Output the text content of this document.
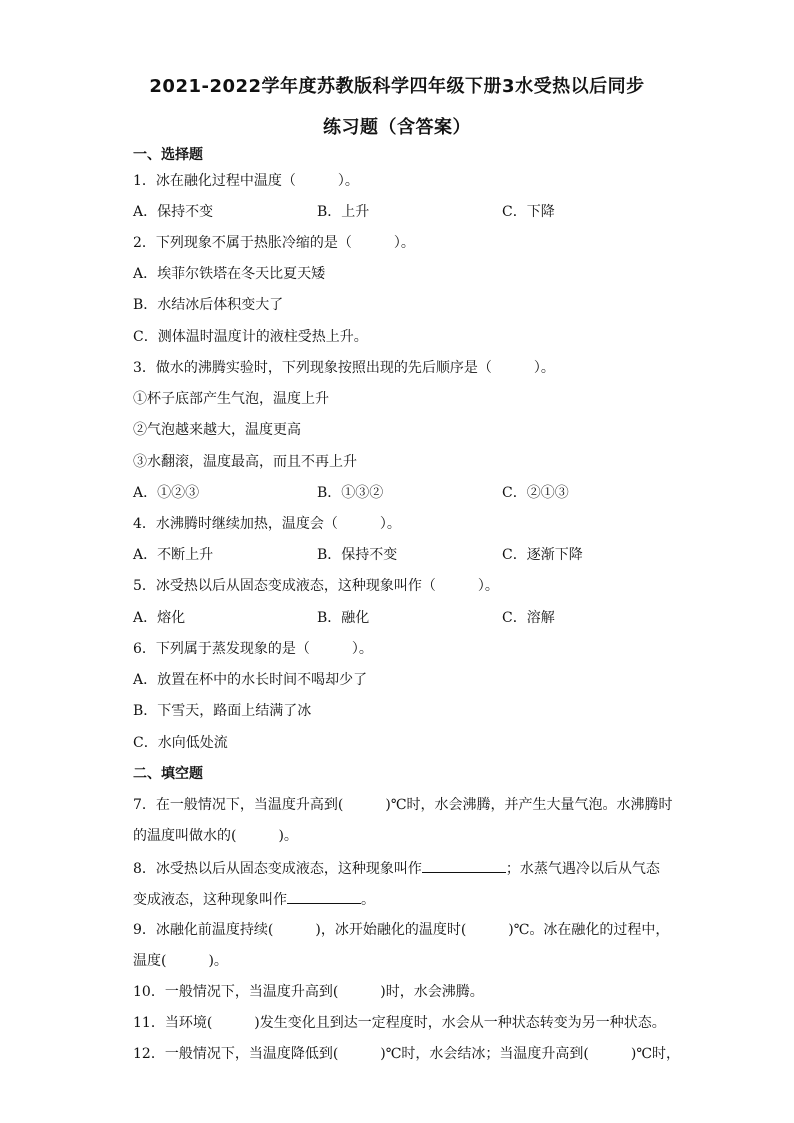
2021-2022学年度苏教版科学四年级下册3水受热以后同步
练习题（含答案）
一、选择题
1．冰在融化过程中温度（　　　）。
A．保持不变	B．上升	C．下降
2．下列现象不属于热胀冷缩的是（　　　）。
A．埃菲尔铁塔在冬天比夏天矮
B．水结冰后体积变大了
C．测体温时温度计的液柱受热上升。
3．做水的沸腾实验时，下列现象按照出现的先后顺序是（　　　）。
①杯子底部产生气泡，温度上升
②气泡越来越大，温度更高
③水翻滚，温度最高，而且不再上升
A．①②③	B．①③②	C．②①③
4．水沸腾时继续加热，温度会（　　　）。
A．不断上升	B．保持不变	C．逐渐下降
5．冰受热以后从固态变成液态，这种现象叫作（　　　）。
A．熔化	B．融化	C．溶解
6．下列属于蒸发现象的是（　　　）。
A．放置在杯中的水长时间不喝却少了
B．下雪天，路面上结满了冰
C．水向低处流
二、填空题
7．在一般情况下，当温度升高到(　　　)℃时，水会沸腾，并产生大量气泡。水沸腾时
的温度叫做水的(　　　)。
8．冰受热以后从固态变成液态，这种现象叫作	；水蒸气遇冷以后从气态
变成液态，这种现象叫作	。
9．冰融化前温度持续(　　　)，冰开始融化的温度时(　　　)℃。冰在融化的过程中，
温度(　　　)。
10．一般情况下，当温度升高到(　　　)时，水会沸腾。
11．当环境(　　　)发生变化且到达一定程度时，水会从一种状态转变为另一种状态。
12．一般情况下，当温度降低到(　　　)℃时，水会结冰；当温度升高到(　　　)℃时，
